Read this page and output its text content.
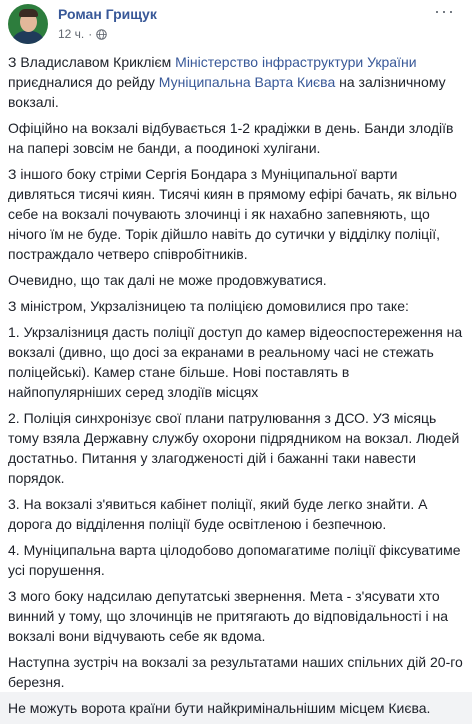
Роман Грищук
12 ч. ·
···

З Владиславом Криклієм Міністерство інфраструктури України приєдналися до рейду Муніципальна Варта Києва на залізничному вокзалі.

Офіційно на вокзалі відбувається 1-2 крадіжки в день. Банди злодіїв на папері зовсім не банди, а поодинокі хулігани.

З іншого боку стріми Сергія Бондара з Муніципальної варти дивляться тисячі киян. Тисячі киян в прямому ефірі бачать, як вільно себе на вокзалі почувають злочинці і як нахабно запевняють, що нічого їм не буде. Торік дійшло навіть до сутички у відділку поліції, постраждало четверо співробітників.

Очевидно, що так далі не може продовжуватися.

З міністром, Укрзалізницею та поліцією домовилися про таке:

1. Укрзалізниця дасть поліції доступ до камер відеоспостереження на вокзалі (дивно, що досі за екранами в реальному часі не стежать поліцейські). Камер стане більше. Нові поставлять в найпопулярніших серед злодіїв місцях

2. Поліція синхронізує свої плани патрулювання з ДСО. УЗ місяць тому взяла Державну службу охорони підрядником на вокзал. Людей достатньо. Питання у злагодженості дій і бажанні таки навести порядок.

3. На вокзалі з'явиться кабінет поліції, який буде легко знайти. А дорога до відділення поліції буде освітленою і безпечною.

4. Муніципальна варта цілодобово допомагатиме поліції фіксуватиме усі порушення.

З мого боку надсилаю депутатські звернення. Мета - з'ясувати хто винний у тому, що злочинців не притягають до відповідальності і на вокзалі вони відчувають себе як вдома.

Наступна зустріч на вокзалі за результатами наших спільних дій 20-го березня.

Не можуть ворота країни бути найкримінальнішим місцем Києва.
